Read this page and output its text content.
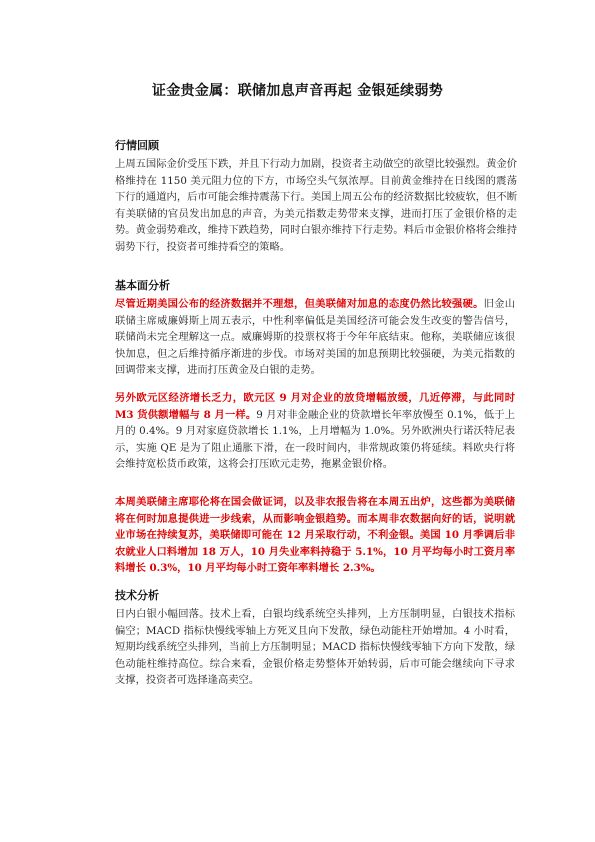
证金贵金属：联储加息声音再起 金银延续弱势
行情回顾

上周五国际金价受压下跌，并且下行动力加剧，投资者主动做空的欲望比较强烈。黄金价格维持在 1150 美元阻力位的下方，市场空头气氛浓厚。目前黄金维持在日线图的震荡下行的通道内，后市可能会维持震荡下行。美国上周五公布的经济数据比较疲软，但不断有美联储的官员发出加息的声音，为美元指数走势带来支撑，进而打压了金银价格的走势。黄金弱势难改，维持下跌趋势，同时白银亦维持下行走势。料后市金银价格将会维持弱势下行，投资者可维持看空的策略。

基本面分析

尽管近期美国公布的经济数据并不理想，但美联储对加息的态度仍然比较强硬。旧金山联储主席威廉姆斯上周五表示，中性利率偏低是美国经济可能会发生改变的警告信号，联储尚未完全理解这一点。威廉姆斯的投票权将于今年年底结束。他称，美联储应该很快加息，但之后维持循序渐进的步伐。市场对美国的加息预期比较强硬，为美元指数的回调带来支撑，进而打压黄金及白银的走势。

另外欧元区经济增长乏力，欧元区 9 月对企业的放贷增幅放缓，几近停滞，与此同时 M3 货供额增幅与 8 月一样。9 月对非金融企业的贷款增长年率放慢至 0.1%，低于上月的 0.4%。9 月对家庭贷款增长 1.1%，上月增幅为 1.0%。另外欧洲央行诺沃特尼表示，实施 QE 是为了阻止通胀下滑，在一段时间内，非常规政策仍将延续。料欧央行将会维持宽松货币政策，这将会打压欧元走势，拖累金银价格。

本周美联储主席耶伦将在国会做证词，以及非农报告将在本周五出炉，这些都为美联储将在何时加息提供进一步线索，从而影响金银趋势。而本周非农数据向好的话，说明就业市场在持续复苏，美联储即可能在 12 月采取行动，不利金银。美国 10 月季调后非农就业人口料增加 18 万人，10 月失业率料持稳于 5.1%，10 月平均每小时工资月率料增长 0.3%，10 月平均每小时工资年率料增长 2.3%。

技术分析

日内白银小幅回落。技术上看，白银均线系统空头排列，上方压制明显，白银技术指标偏空；MACD 指标快慢线零轴上方死叉且向下发散，绿色动能柱开始增加。4 小时看，短期均线系统空头排列，当前上方压制明显；MACD 指标快慢线零轴下方向下发散，绿色动能柱维持高位。综合来看，金银价格走势整体开始转弱，后市可能会继续向下寻求支撑，投资者可选择逢高卖空。
